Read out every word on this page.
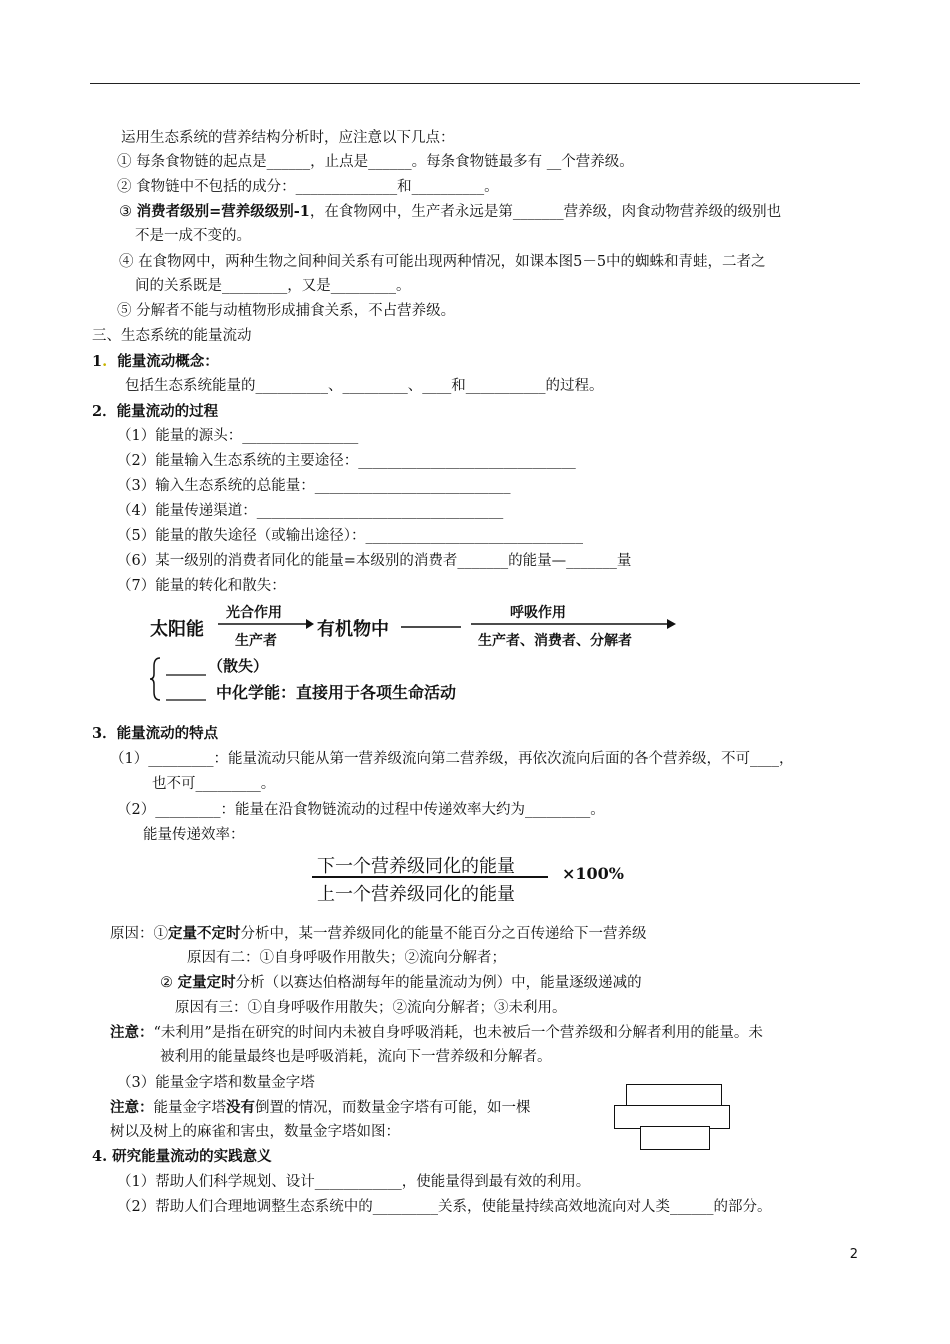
运用生态系统的营养结构分析时，应注意以下几点：
① 每条食物链的起点是______，止点是______。每条食物链最多有 __个营养级。
② 食物链中不包括的成分：______________和__________。
③ 消费者级别=营养级级别-1，在食物网中，生产者永远是第_______营养级，肉食动物营养级的级别也
不是一成不变的。
④ 在食物网中，两种生物之间种间关系有可能出现两种情况，如课本图5－5中的蜘蛛和青蛙，二者之
间的关系既是_________，又是_________。
⑤ 分解者不能与动植物形成捕食关系，不占营养级。
三、生态系统的能量流动
1. 能量流动概念：
包括生态系统能量的__________、_________、____和___________的过程。
2．能量流动的过程
（1）能量的源头：________________
（2）能量输入生态系统的主要途径：______________________________
（3）输入生态系统的总能量：___________________________
（4）能量传递渠道：__________________________________
（5）能量的散失途径（或输出途径）：______________________________
（6）某一级别的消费者同化的能量=本级别的消费者_______的能量—_______量
（7）能量的转化和散失：
太阳能
光合作用
生产者
有机物中
呼吸作用
生产者、消费者、分解者
（散失）
中化学能：直接用于各项生命活动
3．能量流动的特点
（1）_________：能量流动只能从第一营养级流向第二营养级，再依次流向后面的各个营养级，不可____，
也不可_________。
（2）_________：能量在沿食物链流动的过程中传递效率大约为_________。
能量传递效率：
下一个营养级同化的能量
上一个营养级同化的能量
×100%
原因：①定量不定时分析中，某一营养级同化的能量不能百分之百传递给下一营养级
原因有二：①自身呼吸作用散失；②流向分解者；
② 定量定时分析（以赛达伯格湖每年的能量流动为例）中，能量逐级递减的
原因有三：①自身呼吸作用散失；②流向分解者；③未利用。
注意：“未利用”是指在研究的时间内未被自身呼吸消耗，也未被后一个营养级和分解者利用的能量。未
被利用的能量最终也是呼吸消耗，流向下一营养级和分解者。
（3）能量金字塔和数量金字塔
注意：能量金字塔没有倒置的情况，而数量金字塔有可能，如一棵
树以及树上的麻雀和害虫，数量金字塔如图：
4. 研究能量流动的实践意义
（1）帮助人们科学规划、设计____________，使能量得到最有效的利用。
（2）帮助人们合理地调整生态系统中的_________关系，使能量持续高效地流向对人类______的部分。
2
